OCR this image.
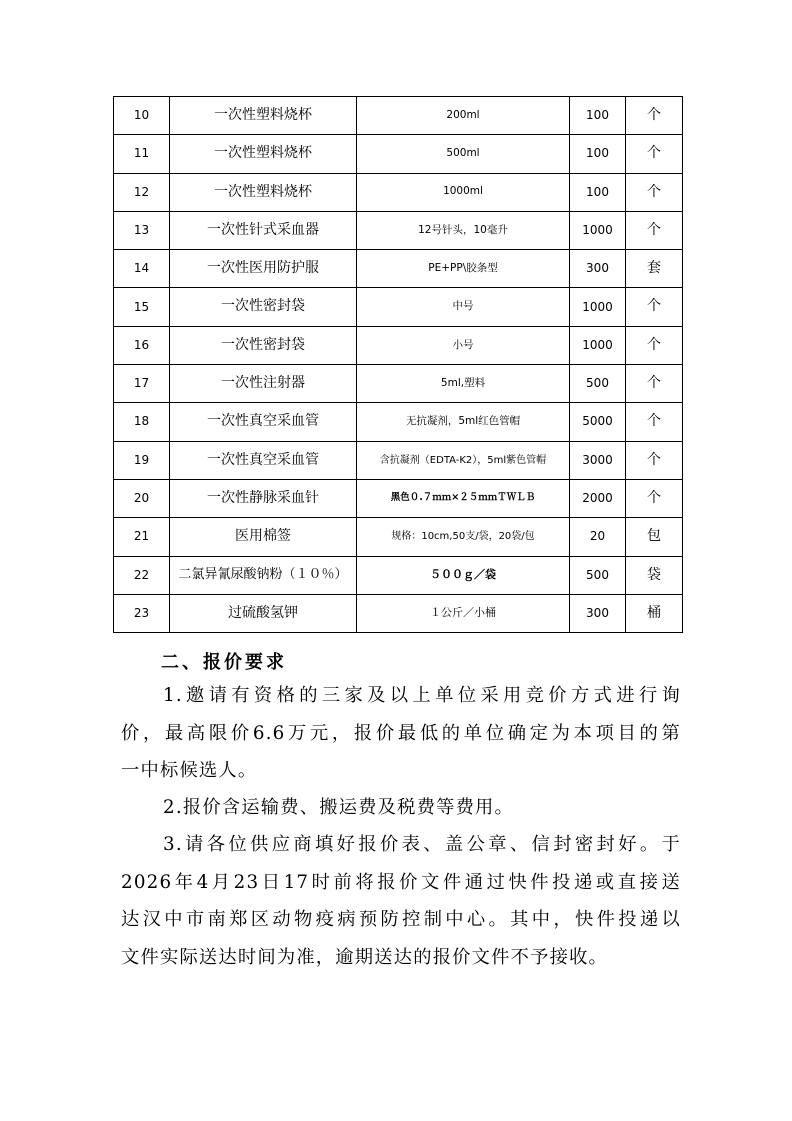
10	一次性塑料烧杯	200ml	100	个
11	一次性塑料烧杯	500ml	100	个
12	一次性塑料烧杯	1000ml	100	个
13	一次性针式采血器	12号针头，10毫升	1000	个
14	一次性医用防护服	PE+PP\胶条型	300	套
15	一次性密封袋	中号	1000	个
16	一次性密封袋	小号	1000	个
17	一次性注射器	5ml,塑料	500	个
18	一次性真空采血管	无抗凝剂，5ml红色管帽	5000	个
19	一次性真空采血管	含抗凝剂（EDTA-K2），5ml紫色管帽	3000	个
20	一次性静脉采血针	黑色０.７ｍｍ×２５ｍｍＴＷＬＢ	2000	个
21	医用棉签	规格：10cm,50支/袋，20袋/包	20	包
22	二氯异氰尿酸钠粉（１０％）	５００ｇ／袋	500	袋
23	过硫酸氢钾	１公斤／小桶	300	桶
二、报价要求
1.邀请有资格的三家及以上单位采用竞价方式进行询
价，最高限价6.6万元，报价最低的单位确定为本项目的第
一中标候选人。
2.报价含运输费、搬运费及税费等费用。
3.请各位供应商填好报价表、盖公章、信封密封好。于
2026年4月23日17时前将报价文件通过快件投递或直接送
达汉中市南郑区动物疫病预防控制中心。其中，快件投递以
文件实际送达时间为准，逾期送达的报价文件不予接收。
